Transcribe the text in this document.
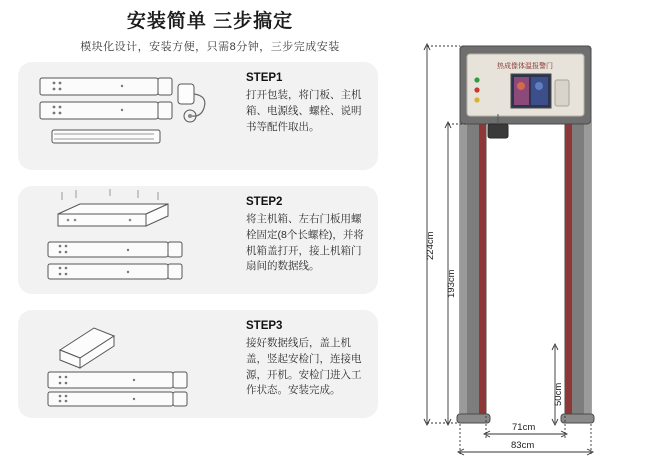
安装简单 三步搞定
模块化设计，安装方便，只需8分钟，三步完成安装
STEP1
打开包装，将门板、主机箱、电源线、螺栓、说明书等配件取出。
STEP2
将主机箱、左右门板用螺栓固定(8个长螺栓)，并将机箱盖打开，接上机箱门扇间的数据线。
STEP3
接好数据线后，盖上机盖，竖起安检门，连接电源，开机。安检门进入工作状态。安装完成。
热成像体温报警门
224cm
193cm
50cm
71cm
83cm
